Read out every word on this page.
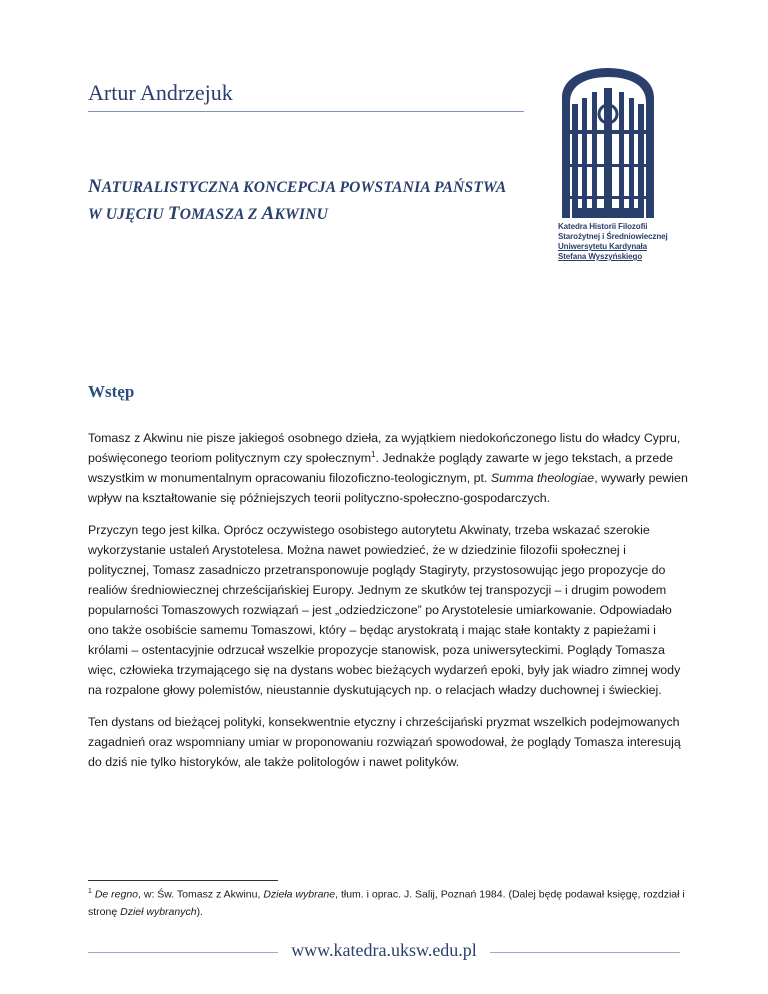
Artur Andrzejuk
NATURALISTYCZNA KONCEPCJA POWSTANIA PAŃSTWA
W UJĘCIU TOMASZA Z AKWINU
Katedra Historii Filozofii
Starożytnej i Średniowiecznej
Uniwersytetu Kardynała
Stefana Wyszyńskiego
Wstęp

Tomasz z Akwinu nie pisze jakiegoś osobnego dzieła, za wyjątkiem niedokończonego listu do władcy Cypru, poświęconego teoriom politycznym czy społecznym$^1$. Jednakże poglądy zawarte w jego tekstach, a przede wszystkim w monumentalnym opracowaniu filozoficzno-teologicznym, pt. Summa theologiae, wywarły pewien wpływ na kształtowanie się późniejszych teorii polityczno-społeczno-gospodarczych.

Przyczyn tego jest kilka. Oprócz oczywistego osobistego autorytetu Akwinaty, trzeba wskazać szerokie wykorzystanie ustaleń Arystotelesa. Można nawet powiedzieć, że w dziedzinie filozofii społecznej i politycznej, Tomasz zasadniczo przetransponowuje poglądy Stagiryty, przystosowując jego propozycje do realiów średniowiecznej chrześcijańskiej Europy. Jednym ze skutków tej transpozycji – i drugim powodem popularności Tomaszowych rozwiązań – jest „odziedziczone” po Arystotelesie umiarkowanie. Odpowiadało ono także osobiście samemu Tomaszowi, który – będąc arystokratą i mając stałe kontakty z papieżami i królami – ostentacyjnie odrzucał wszelkie propozycje stanowisk, poza uniwersyteckimi. Poglądy Tomasza więc, człowieka trzymającego się na dystans wobec bieżących wydarzeń epoki, były jak wiadro zimnej wody na rozpalone głowy polemistów, nieustannie dyskutujących np. o relacjach władzy duchownej i świeckiej.

Ten dystans od bieżącej polityki, konsekwentnie etyczny i chrześcijański pryzmat wszelkich podejmowanych zagadnień oraz wspomniany umiar w proponowaniu rozwiązań spowodował, że poglądy Tomasza interesują do dziś nie tylko historyków, ale także politologów i nawet polityków.

$^1$ De regno, w: Św. Tomasz z Akwinu, Dzieła wybrane, tłum. i oprac. J. Salij, Poznań 1984. (Dalej będę podawał księgę, rozdział i stronę Dzieł wybranych).
www.katedra.uksw.edu.pl
